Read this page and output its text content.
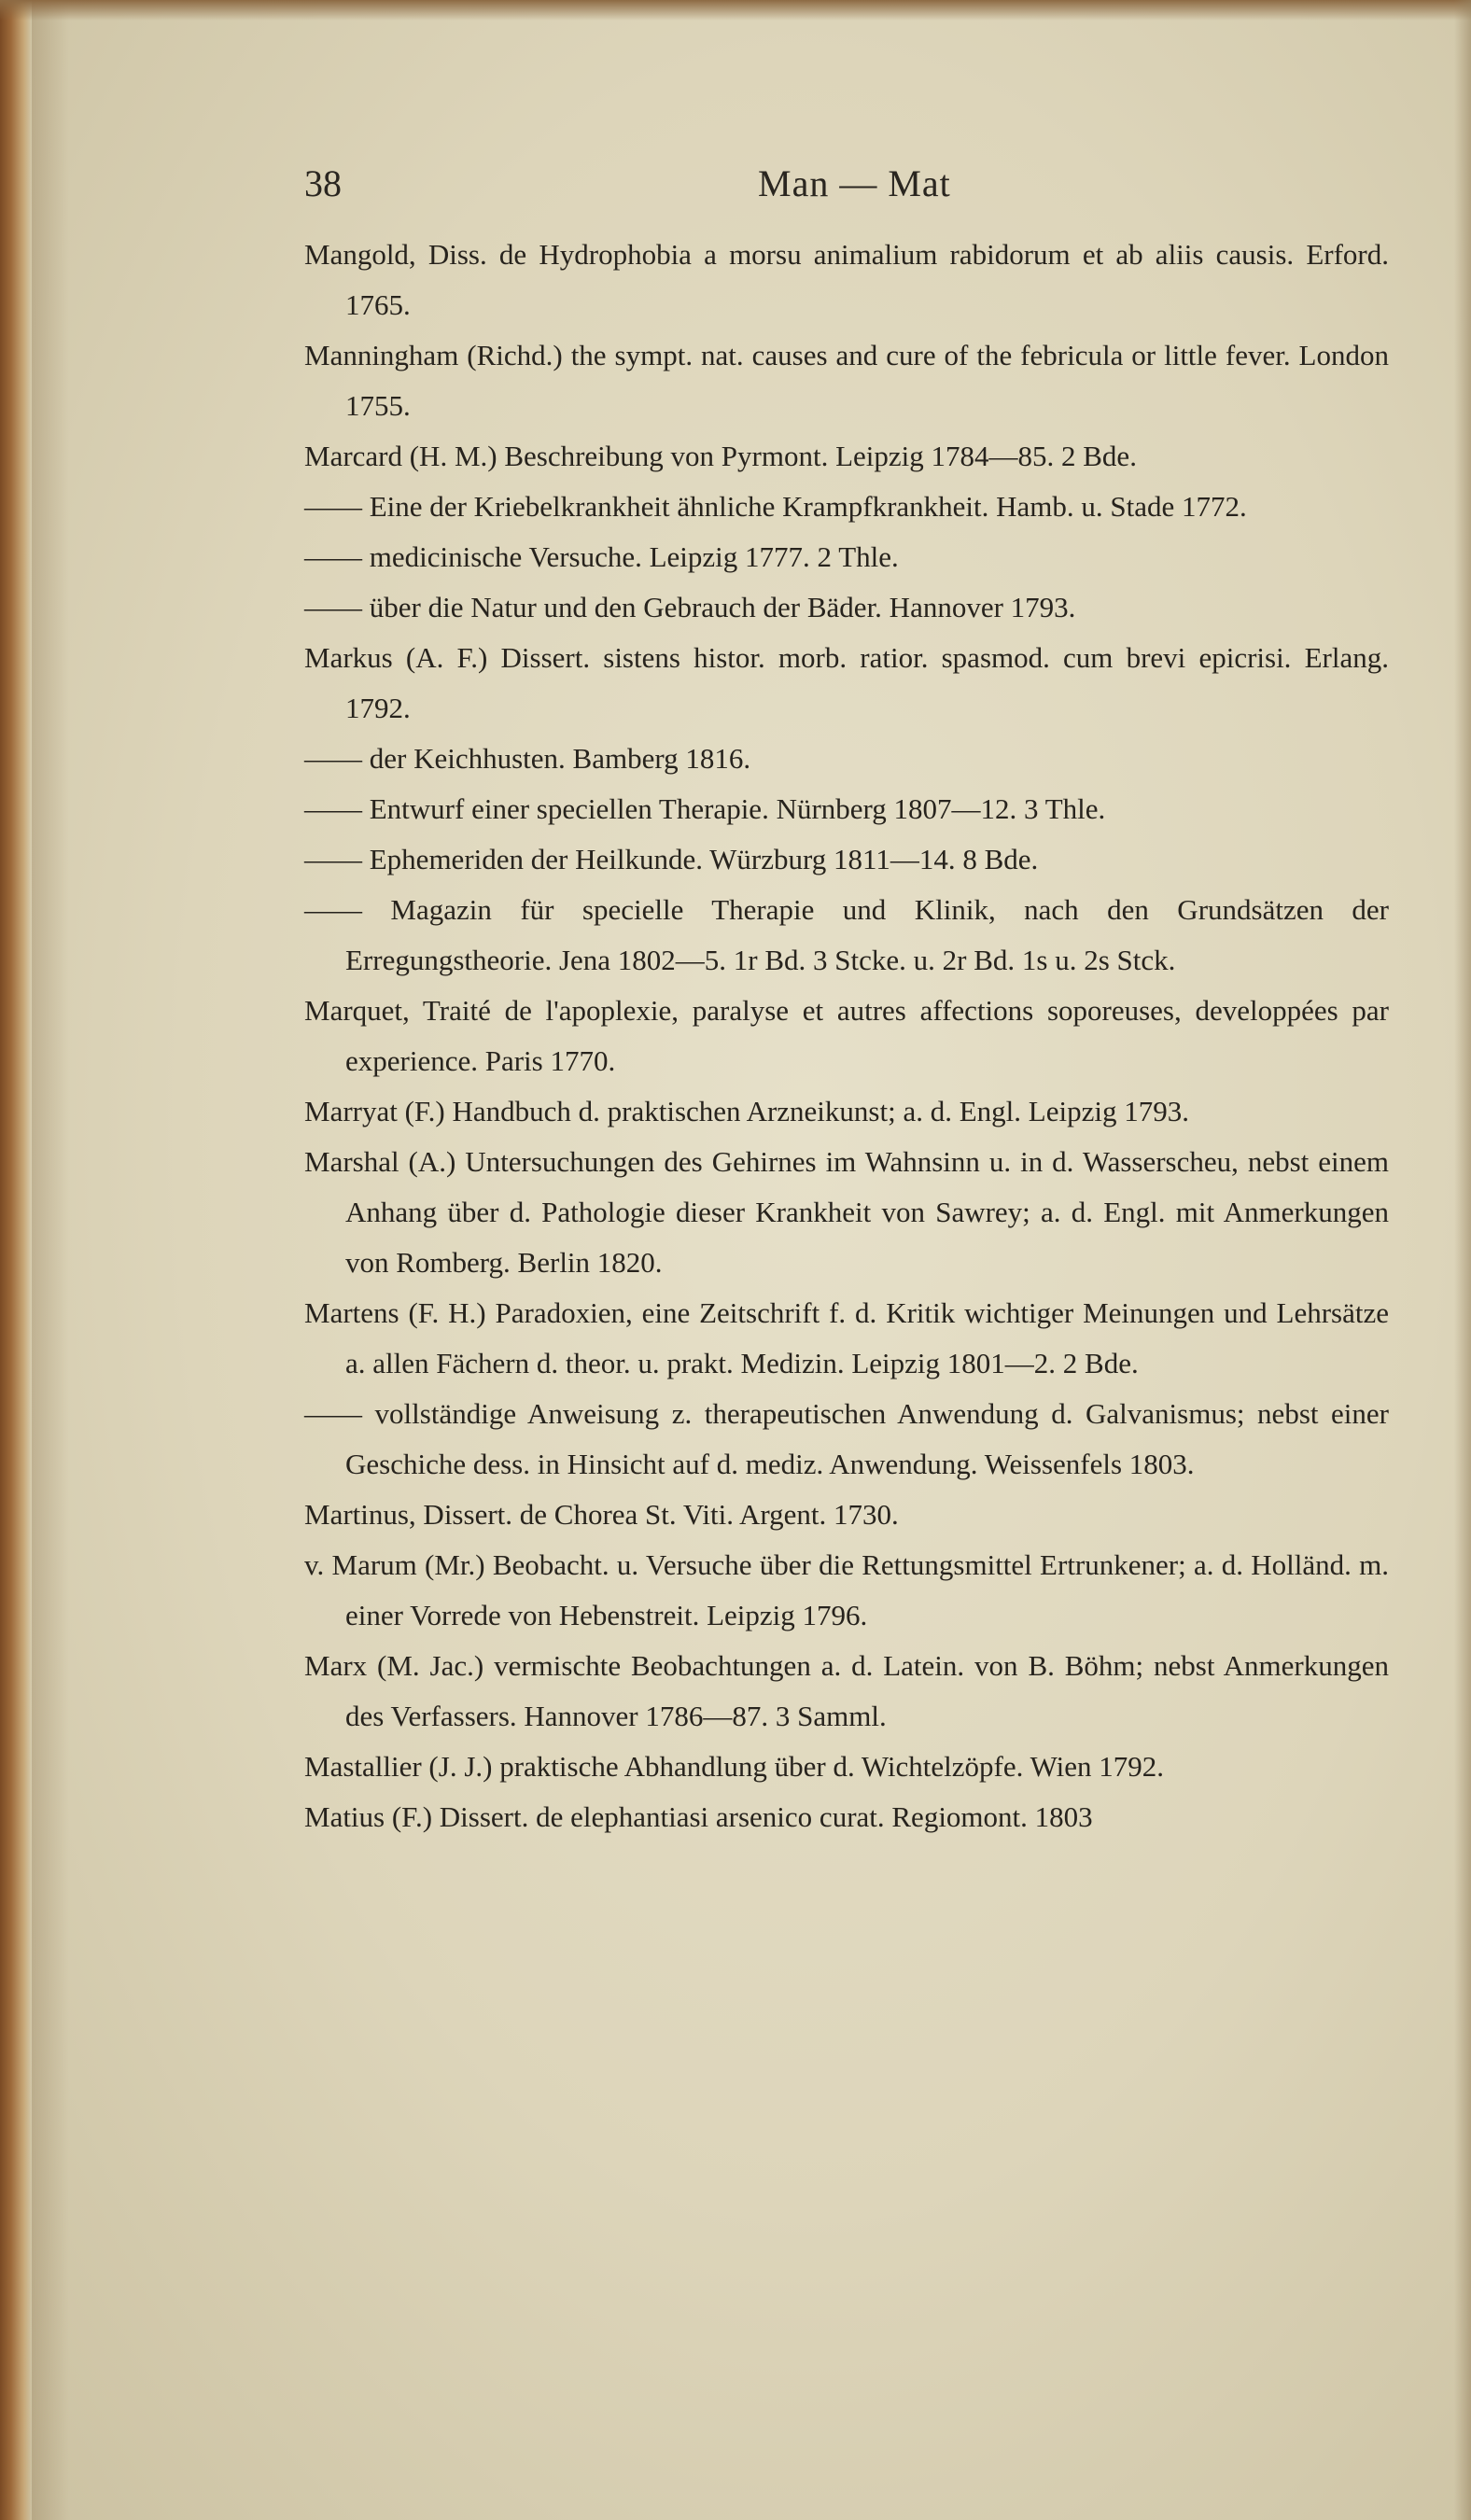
38	Man — Mat
Mangold, Diss. de Hydrophobia a morsu animalium rabidorum et ab aliis causis. Erford. 1765.
Manningham (Richd.) the sympt. nat. causes and cure of the febricula or little fever. London 1755.
Marcard (H. M.) Beschreibung von Pyrmont. Leipzig 1784—85. 2 Bde.
—— Eine der Kriebelkrankheit ähnliche Krampfkrankheit. Hamb. u. Stade 1772.
—— medicinische Versuche. Leipzig 1777. 2 Thle.
—— über die Natur und den Gebrauch der Bäder. Hannover 1793.
Markus (A. F.) Dissert. sistens histor. morb. ratior. spasmod. cum brevi epicrisi. Erlang. 1792.
—— der Keichhusten. Bamberg 1816.
—— Entwurf einer speciellen Therapie. Nürnberg 1807—12. 3 Thle.
—— Ephemeriden der Heilkunde. Würzburg 1811—14. 8 Bde.
—— Magazin für specielle Therapie und Klinik, nach den Grundsätzen der Erregungstheorie. Jena 1802—5. 1r Bd. 3 Stcke. u. 2r Bd. 1s u. 2s Stck.
Marquet, Traité de l'apoplexie, paralyse et autres affections soporeuses, developpées par experience. Paris 1770.
Marryat (F.) Handbuch d. praktischen Arzneikunst; a. d. Engl. Leipzig 1793.
Marshal (A.) Untersuchungen des Gehirnes im Wahnsinn u. in d. Wasserscheu, nebst einem Anhang über d. Pathologie dieser Krankheit von Sawrey; a. d. Engl. mit Anmerkungen von Romberg. Berlin 1820.
Martens (F. H.) Paradoxien, eine Zeitschrift f. d. Kritik wichtiger Meinungen und Lehrsätze a. allen Fächern d. theor. u. prakt. Medizin. Leipzig 1801—2. 2 Bde.
—— vollständige Anweisung z. therapeutischen Anwendung d. Galvanismus; nebst einer Geschiche dess. in Hinsicht auf d. mediz. Anwendung. Weissenfels 1803.
Martinus, Dissert. de Chorea St. Viti. Argent. 1730.
v. Marum (Mr.) Beobacht. u. Versuche über die Rettungsmittel Ertrunkener; a. d. Holländ. m. einer Vorrede von Hebenstreit. Leipzig 1796.
Marx (M. Jac.) vermischte Beobachtungen a. d. Latein. von B. Böhm; nebst Anmerkungen des Verfassers. Hannover 1786—87. 3 Samml.
Mastallier (J. J.) praktische Abhandlung über d. Wichtelzöpfe. Wien 1792.
Matius (F.) Dissert. de elephantiasi arsenico curat. Regiomont. 1803
